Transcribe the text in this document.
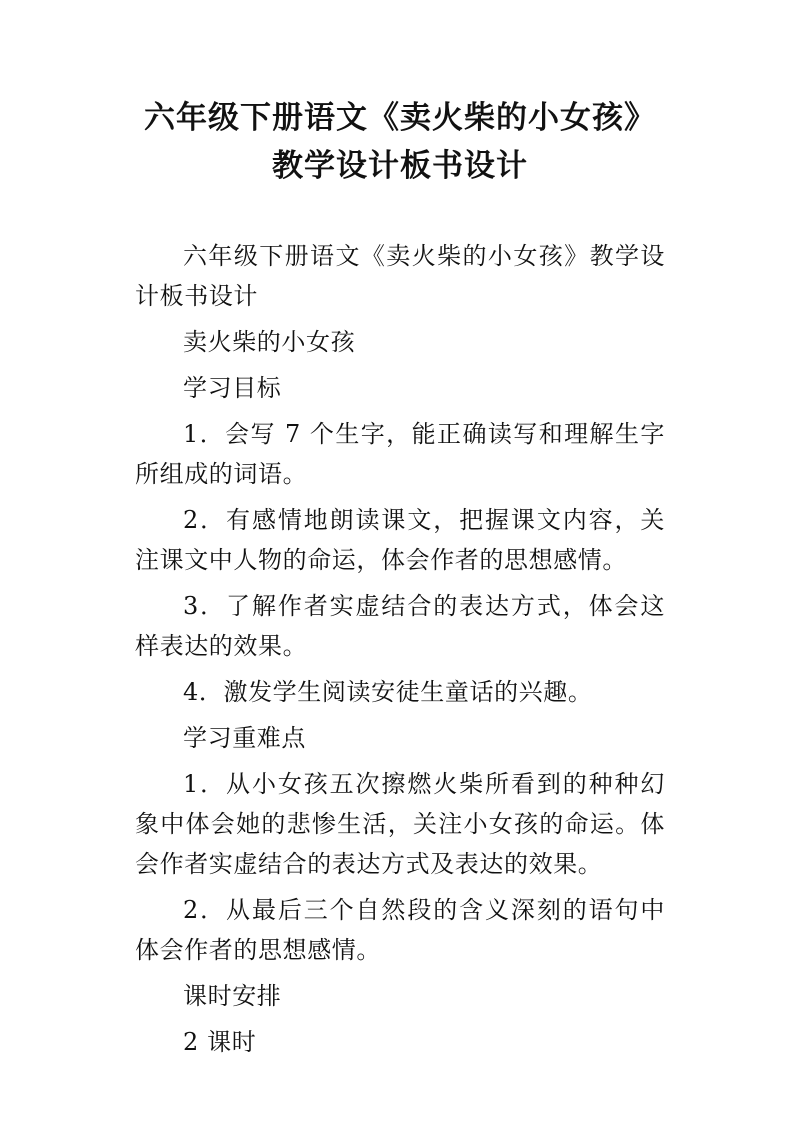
六年级下册语文《卖火柴的小女孩》
教学设计板书设计

六年级下册语文《卖火柴的小女孩》教学设计板书设计

卖火柴的小女孩

学习目标

1．会写 7 个生字，能正确读写和理解生字所组成的词语。

2．有感情地朗读课文，把握课文内容，关注课文中人物的命运，体会作者的思想感情。

3．了解作者实虚结合的表达方式，体会这样表达的效果。

4．激发学生阅读安徒生童话的兴趣。

学习重难点

1．从小女孩五次擦燃火柴所看到的种种幻象中体会她的悲惨生活，关注小女孩的命运。体会作者实虚结合的表达方式及表达的效果。

2．从最后三个自然段的含义深刻的语句中体会作者的思想感情。

课时安排

2 课时
